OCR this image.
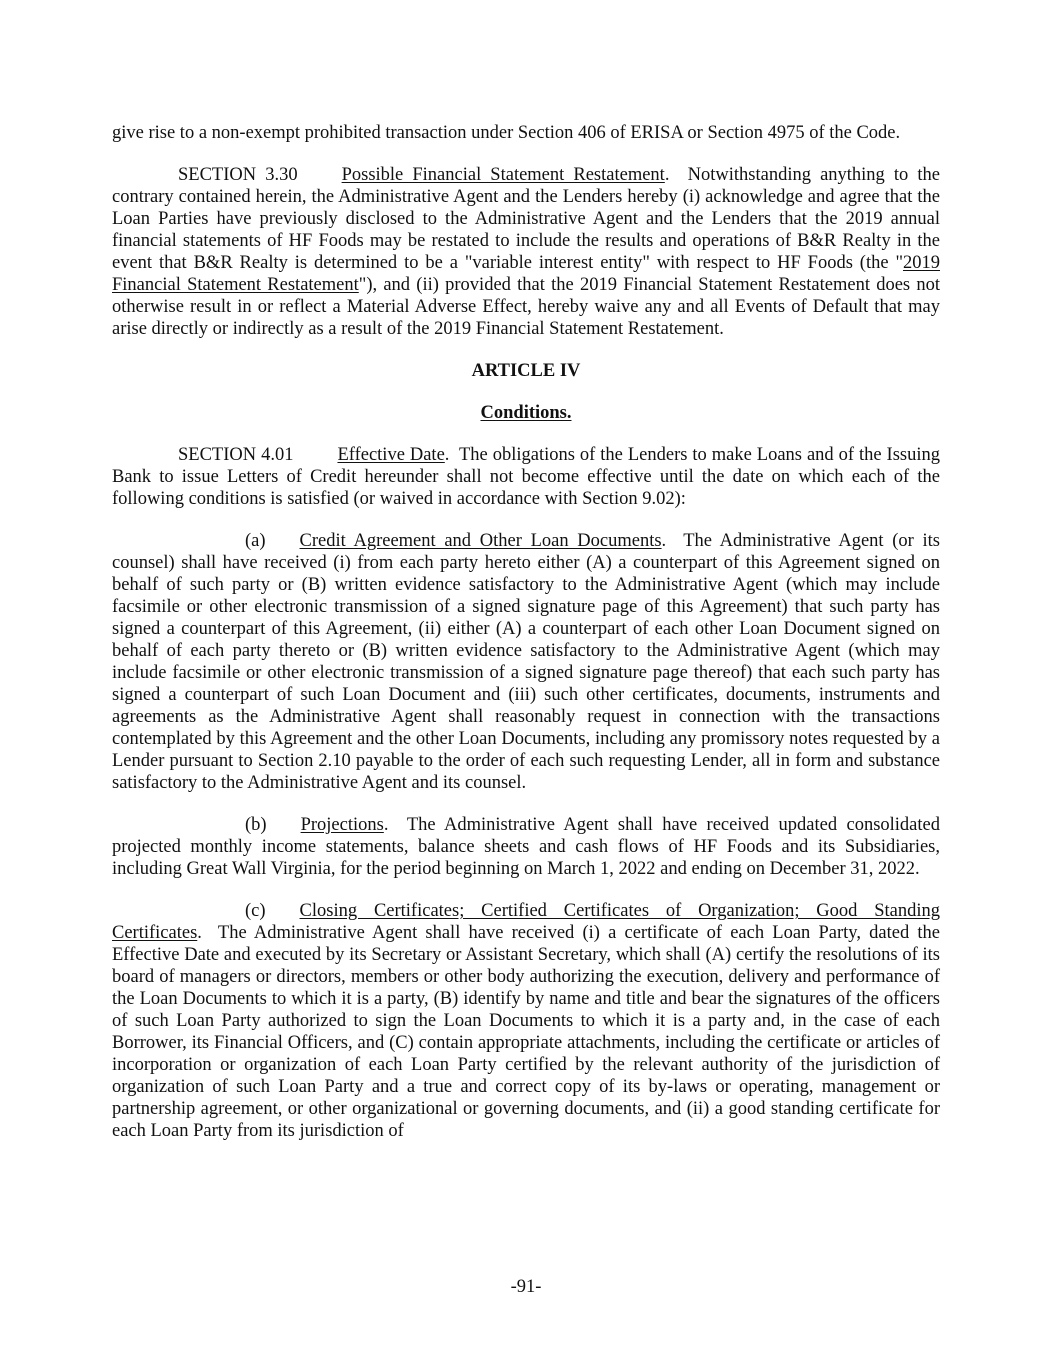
give rise to a non-exempt prohibited transaction under Section 406 of ERISA or Section 4975 of the Code.

SECTION 3.30 Possible Financial Statement Restatement.  Notwithstanding anything to the contrary contained herein, the Administrative Agent and the Lenders hereby (i) acknowledge and agree that the Loan Parties have previously disclosed to the Administrative Agent and the Lenders that the 2019 annual financial statements of HF Foods may be restated to include the results and operations of B&R Realty in the event that B&R Realty is determined to be a "variable interest entity" with respect to HF Foods (the "2019 Financial Statement Restatement"), and (ii) provided that the 2019 Financial Statement Restatement does not otherwise result in or reflect a Material Adverse Effect, hereby waive any and all Events of Default that may arise directly or indirectly as a result of the 2019 Financial Statement Restatement.

ARTICLE IV

Conditions.

SECTION 4.01 Effective Date.  The obligations of the Lenders to make Loans and of the Issuing Bank to issue Letters of Credit hereunder shall not become effective until the date on which each of the following conditions is satisfied (or waived in accordance with Section 9.02):

(a) Credit Agreement and Other Loan Documents.  The Administrative Agent (or its counsel) shall have received (i) from each party hereto either (A) a counterpart of this Agreement signed on behalf of such party or (B) written evidence satisfactory to the Administrative Agent (which may include facsimile or other electronic transmission of a signed signature page of this Agreement) that such party has signed a counterpart of this Agreement, (ii) either (A) a counterpart of each other Loan Document signed on behalf of each party thereto or (B) written evidence satisfactory to the Administrative Agent (which may include facsimile or other electronic transmission of a signed signature page thereof) that each such party has signed a counterpart of such Loan Document and (iii) such other certificates, documents, instruments and agreements as the Administrative Agent shall reasonably request in connection with the transactions contemplated by this Agreement and the other Loan Documents, including any promissory notes requested by a Lender pursuant to Section 2.10 payable to the order of each such requesting Lender, all in form and substance satisfactory to the Administrative Agent and its counsel.

(b) Projections.  The Administrative Agent shall have received updated consolidated projected monthly income statements, balance sheets and cash flows of HF Foods and its Subsidiaries, including Great Wall Virginia, for the period beginning on March 1, 2022 and ending on December 31, 2022.

(c) Closing Certificates; Certified Certificates of Organization; Good Standing Certificates.  The Administrative Agent shall have received (i) a certificate of each Loan Party, dated the Effective Date and executed by its Secretary or Assistant Secretary, which shall (A) certify the resolutions of its board of managers or directors, members or other body authorizing the execution, delivery and performance of the Loan Documents to which it is a party, (B) identify by name and title and bear the signatures of the officers of such Loan Party authorized to sign the Loan Documents to which it is a party and, in the case of each Borrower, its Financial Officers, and (C) contain appropriate attachments, including the certificate or articles of incorporation or organization of each Loan Party certified by the relevant authority of the jurisdiction of organization of such Loan Party and a true and correct copy of its by-laws or operating, management or partnership agreement, or other organizational or governing documents, and (ii) a good standing certificate for each Loan Party from its jurisdiction of

-91-
